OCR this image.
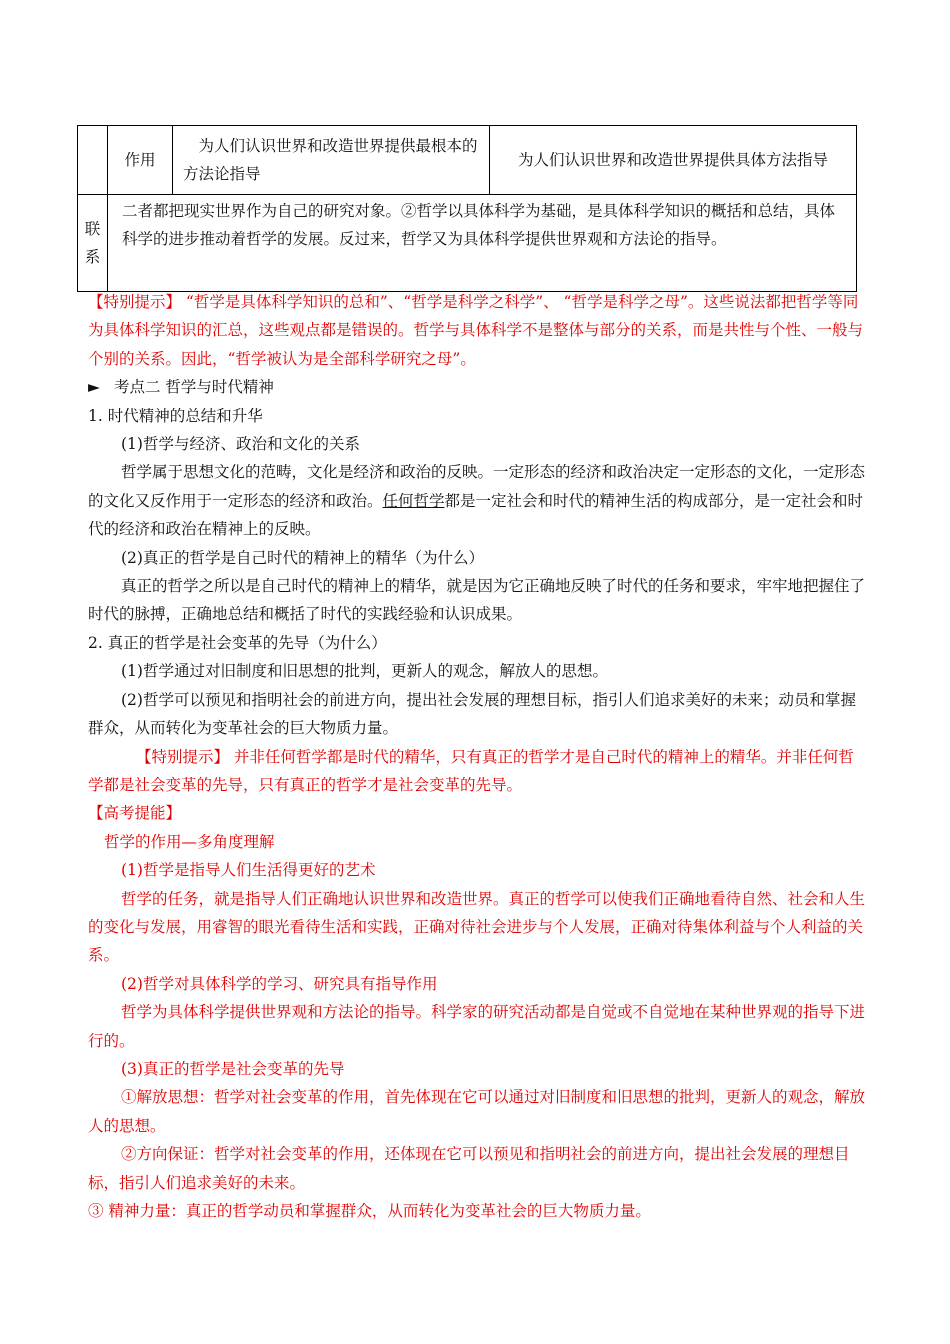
	作用	为人们认识世界和改造世界提供最根本的方法论指导	为人们认识世界和改造世界提供具体方法指导

联系	二者都把现实世界作为自己的研究对象。②哲学以具体科学为基础，是具体科学知识的概括和总结，具体科学的进步推动着哲学的发展。反过来，哲学又为具体科学提供世界观和方法论的指导。		

【特别提示】 “哲学是具体科学知识的总和”、“哲学是科学之科学”、 “哲学是科学之母”。这些说法都把哲学等同为具体科学知识的汇总，这些观点都是错误的。哲学与具体科学不是整体与部分的关系，而是共性与个性、一般与个别的关系。因此，“哲学被认为是全部科学研究之母”。

► 考点二 哲学与时代精神

1. 时代精神的总结和升华

(1)哲学与经济、政治和文化的关系

哲学属于思想文化的范畴，文化是经济和政治的反映。一定形态的经济和政治决定一定形态的文化，一定形态的文化又反作用于一定形态的经济和政治。任何哲学都是一定社会和时代的精神生活的构成部分，是一定社会和时代的经济和政治在精神上的反映。

(2)真正的哲学是自己时代的精神上的精华（为什么）

真正的哲学之所以是自己时代的精神上的精华，就是因为它正确地反映了时代的任务和要求，牢牢地把握住了时代的脉搏，正确地总结和概括了时代的实践经验和认识成果。

2. 真正的哲学是社会变革的先导（为什么）

(1)哲学通过对旧制度和旧思想的批判，更新人的观念，解放人的思想。

(2)哲学可以预见和指明社会的前进方向，提出社会发展的理想目标，指引人们追求美好的未来；动员和掌握群众，从而转化为变革社会的巨大物质力量。

【特别提示】 并非任何哲学都是时代的精华，只有真正的哲学才是自己时代的精神上的精华。并非任何哲学都是社会变革的先导，只有真正的哲学才是社会变革的先导。

【高考提能】

哲学的作用—多角度理解

(1)哲学是指导人们生活得更好的艺术

哲学的任务，就是指导人们正确地认识世界和改造世界。真正的哲学可以使我们正确地看待自然、社会和人生的变化与发展，用睿智的眼光看待生活和实践，正确对待社会进步与个人发展，正确对待集体利益与个人利益的关系。

(2)哲学对具体科学的学习、研究具有指导作用

哲学为具体科学提供世界观和方法论的指导。科学家的研究活动都是自觉或不自觉地在某种世界观的指导下进行的。

(3)真正的哲学是社会变革的先导

①解放思想：哲学对社会变革的作用，首先体现在它可以通过对旧制度和旧思想的批判，更新人的观念，解放人的思想。

②方向保证：哲学对社会变革的作用，还体现在它可以预见和指明社会的前进方向，提出社会发展的理想目标，指引人们追求美好的未来。

③ 精神力量：真正的哲学动员和掌握群众，从而转化为变革社会的巨大物质力量。
